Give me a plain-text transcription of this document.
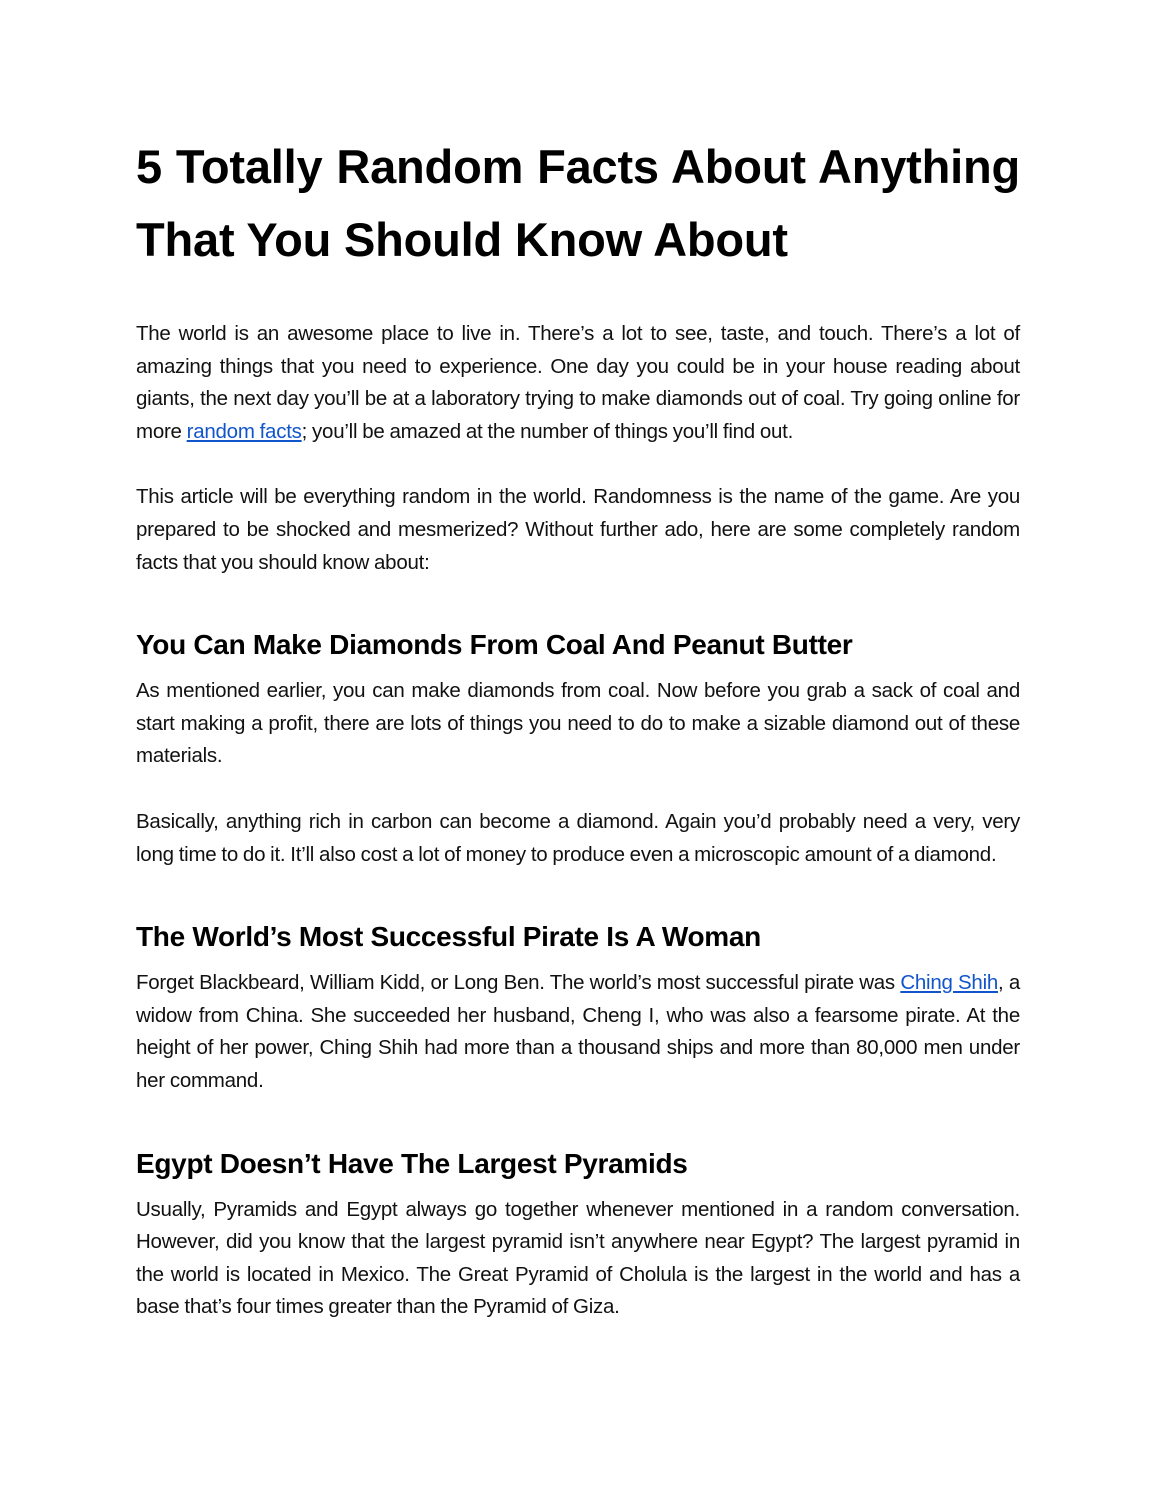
5 Totally Random Facts About Anything That You Should Know About

The world is an awesome place to live in. There’s a lot to see, taste, and touch. There’s a lot of amazing things that you need to experience. One day you could be in your house reading about giants, the next day you’ll be at a laboratory trying to make diamonds out of coal. Try going online for more random facts; you’ll be amazed at the number of things you’ll find out.

This article will be everything random in the world. Randomness is the name of the game. Are you prepared to be shocked and mesmerized? Without further ado, here are some completely random facts that you should know about:

You Can Make Diamonds From Coal And Peanut Butter

As mentioned earlier, you can make diamonds from coal. Now before you grab a sack of coal and start making a profit, there are lots of things you need to do to make a sizable diamond out of these materials.

Basically, anything rich in carbon can become a diamond. Again you’d probably need a very, very long time to do it. It’ll also cost a lot of money to produce even a microscopic amount of a diamond.

The World’s Most Successful Pirate Is A Woman

Forget Blackbeard, William Kidd, or Long Ben. The world’s most successful pirate was Ching Shih, a widow from China. She succeeded her husband, Cheng I, who was also a fearsome pirate. At the height of her power, Ching Shih had more than a thousand ships and more than 80,000 men under her command.

Egypt Doesn’t Have The Largest Pyramids

Usually, Pyramids and Egypt always go together whenever mentioned in a random conversation. However, did you know that the largest pyramid isn’t anywhere near Egypt? The largest pyramid in the world is located in Mexico. The Great Pyramid of Cholula is the largest in the world and has a base that’s four times greater than the Pyramid of Giza.
